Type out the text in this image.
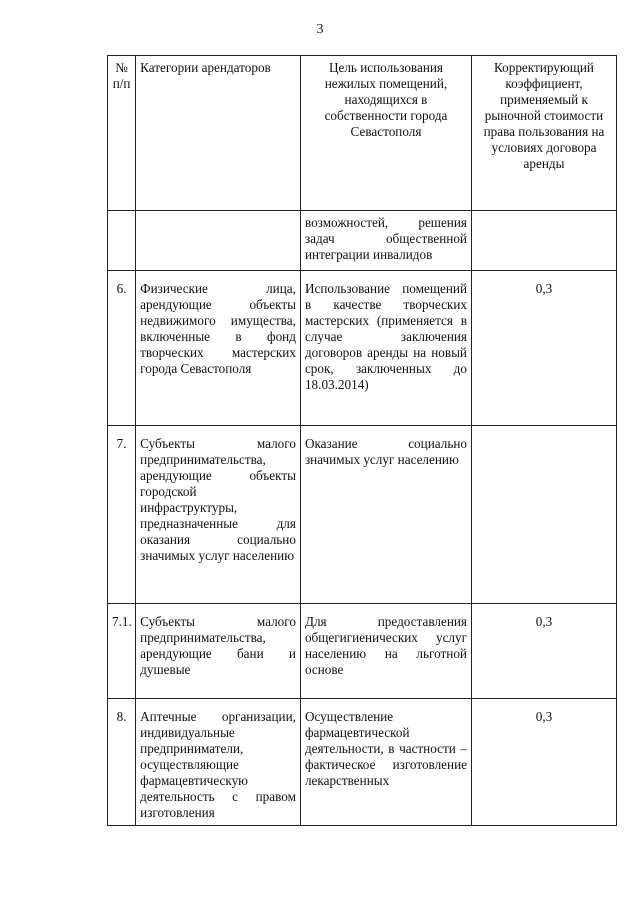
3
№ п/п	Категории арендаторов	Цель использования нежилых помещений, находящихся в собственности города Севастополя	Корректирующий коэффициент, применяемый к рыночной стоимости права пользования на условиях договора аренды
		возможностей, решения задач общественной интеграции инвалидов	
6.	Физические лица, арендующие объекты недвижимого имущества, включенные в фонд творческих мастерских города Севастополя	Использование помещений в качестве творческих мастерских (применяется в случае заключения договоров аренды на новый срок, заключенных до 18.03.2014)	0,3
7.	Субъекты малого предпринимательства, арендующие объекты городской инфраструктуры, предназначенные для оказания социально значимых услуг населению	Оказание социально значимых услуг населению	
7.1.	Субъекты малого предпринимательства, арендующие бани и душевые	Для предоставления общегигиенических услуг населению на льготной основе	0,3
8.	Аптечные организации, индивидуальные предприниматели, осуществляющие фармацевтическую деятельность с правом изготовления	Осуществление фармацевтической деятельности, в частности – фактическое изготовление лекарственных	0,3
